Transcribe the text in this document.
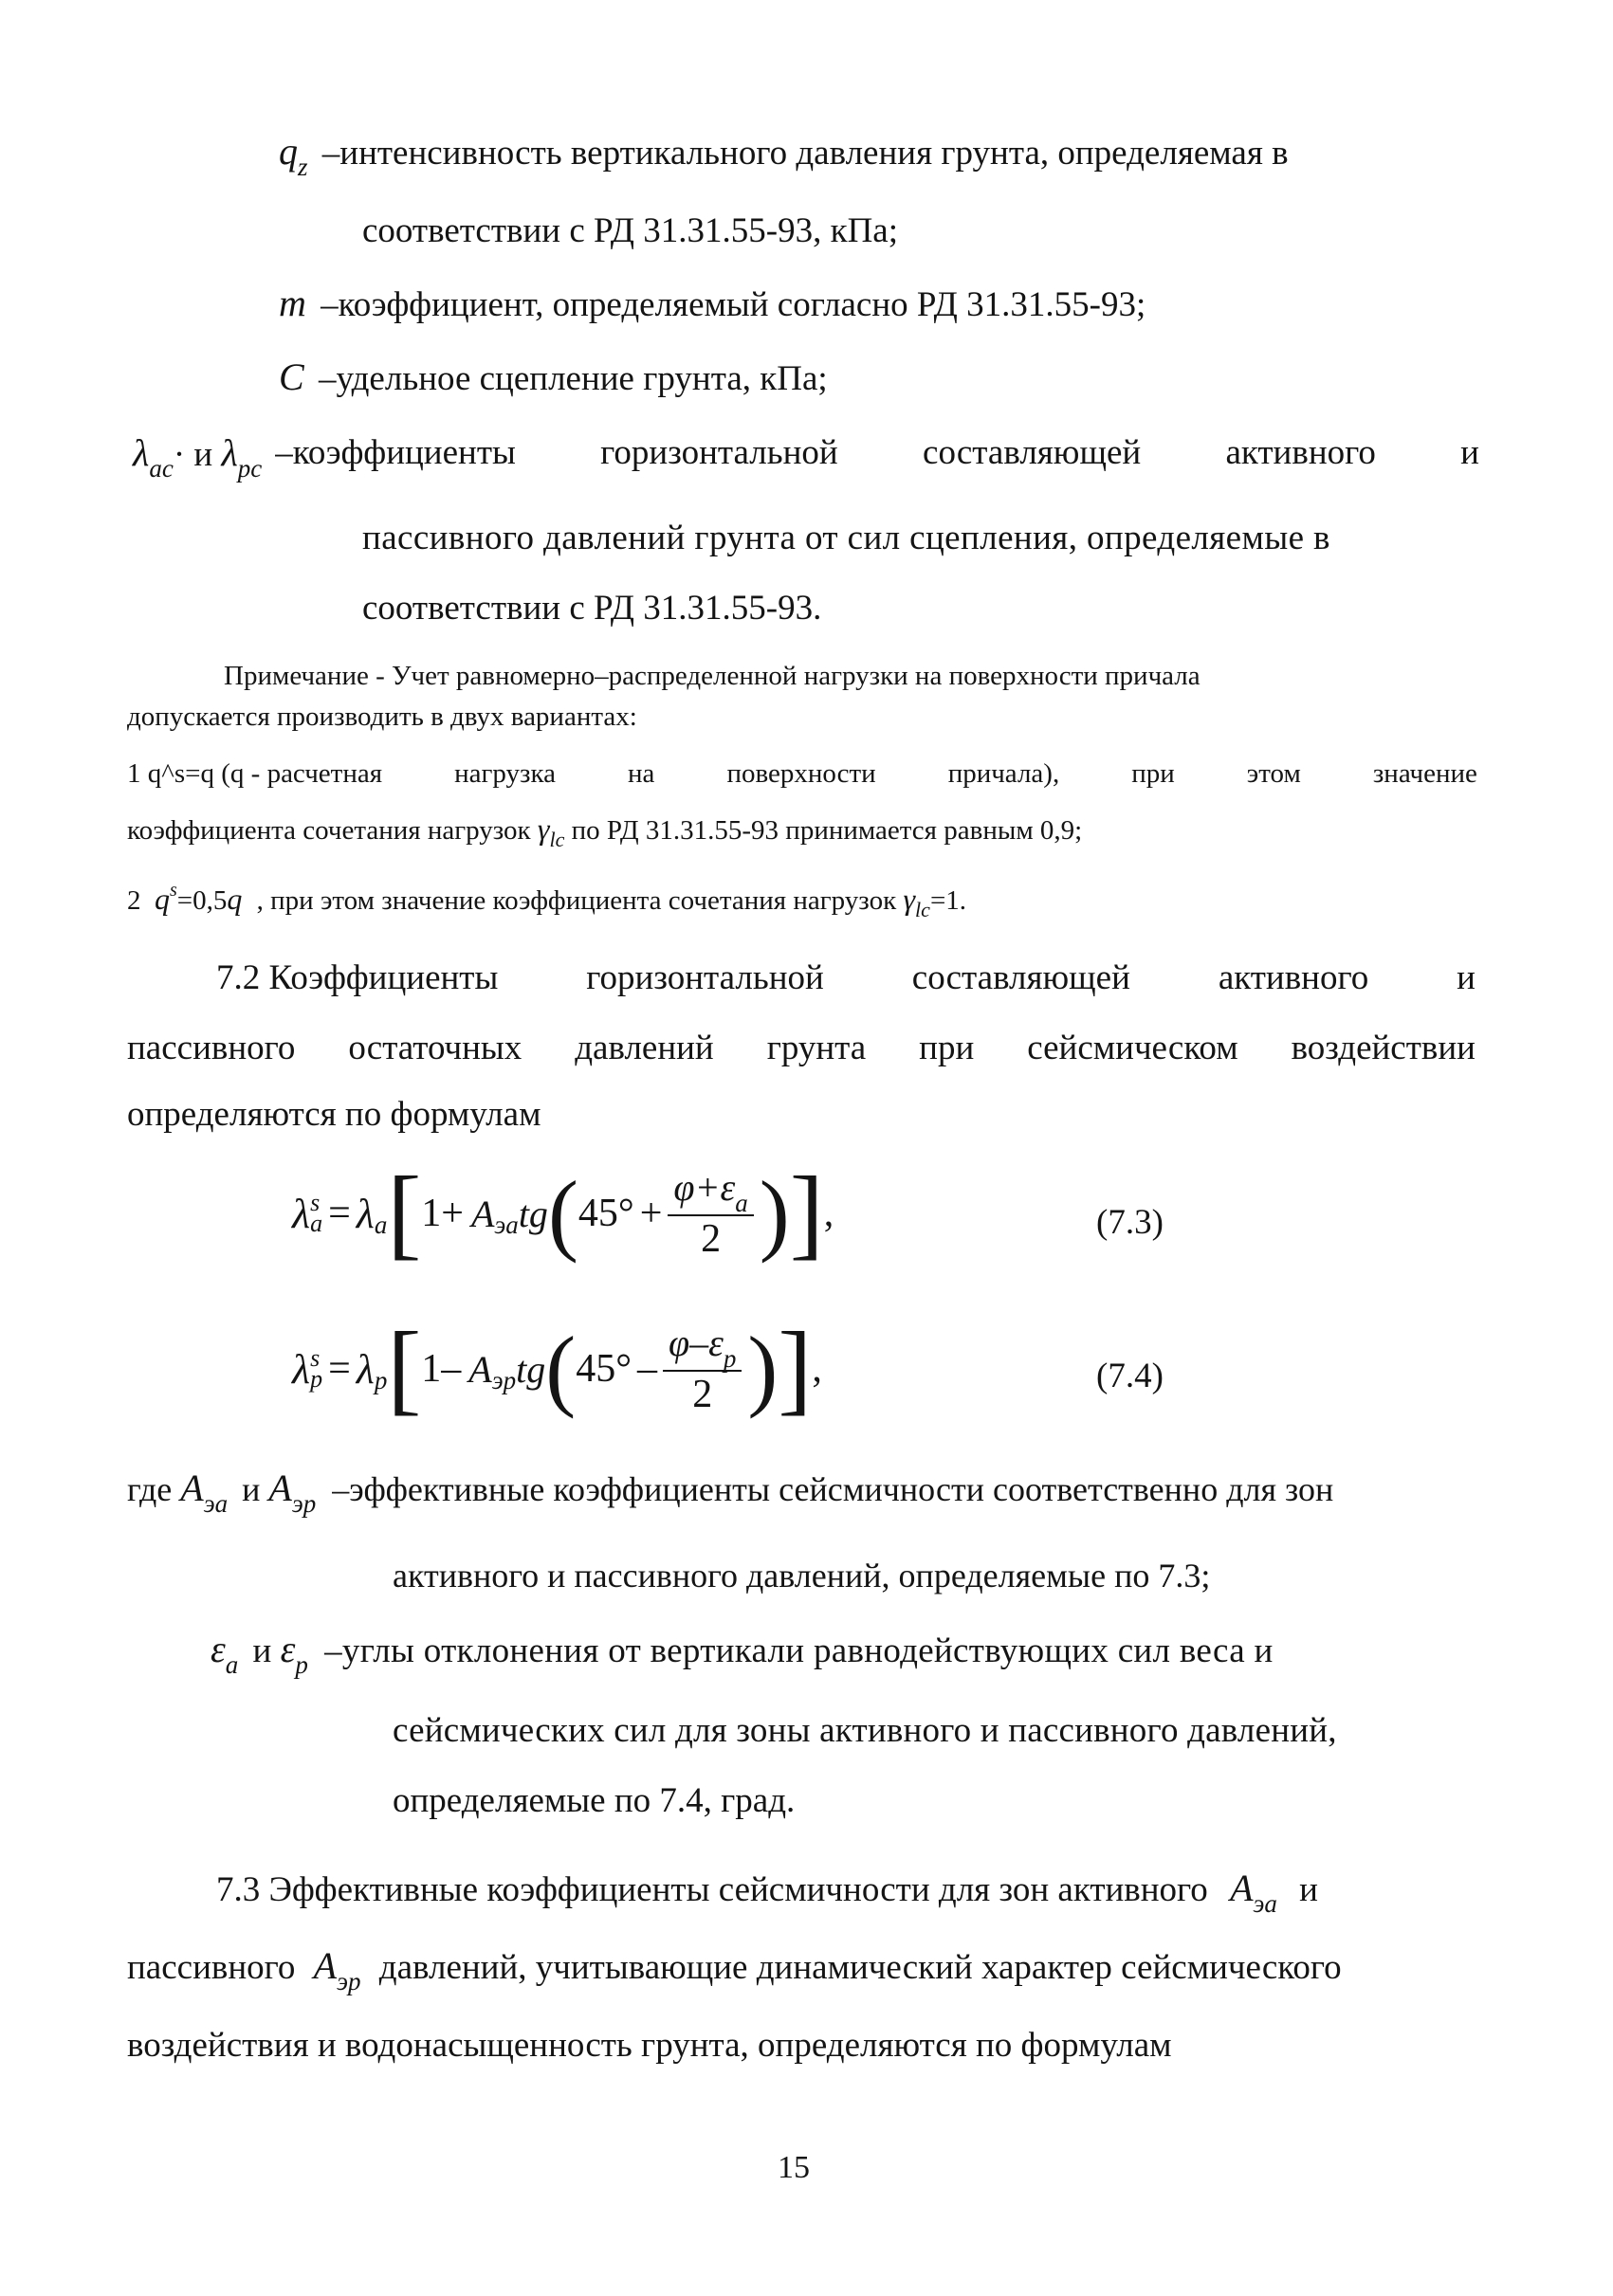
$q_z$ –интенсивность вертикального давления грунта, определяемая в
соответствии с РД 31.31.55-93, кПа;
m –коэффициент, определяемый согласно РД 31.31.55-93;
C –удельное сцепление грунта, кПа;
$\lambda_{ac}\cdot и$ $\lambda_{pc}$ –коэффициенты горизонтальной составляющей активного и
пассивного давлений грунта от сил сцепления, определяемые в
соответствии с РД 31.31.55-93.
Примечание - Учет равномерно–распределенной нагрузки на поверхности причала
допускается производить в двух вариантах:
1 q^s=q (q - расчетная	нагрузка	на	поверхности	причала),	при	этом	значение
коэффициента сочетания нагрузок $\gamma_{lc}$ по РД 31.31.55-93 принимается равным 0,9;
2 $q^s=0,5q$ , при этом значение коэффициента сочетания нагрузок $\gamma_{lc}=1$.
7.2 Коэффициенты	горизонтальной	составляющей	активного	и
пассивного остаточных давлений грунта при сейсмическом воздействии
определяются по формулам
λ s
a = λ a [ 1+ A эa tg ( $45^\circ + \frac{\varphi+\varepsilon_a}{2}$ ) ] ,	(7.3)
λ s
p = λ p [ 1– A эp tg ( $45^\circ - \frac{\varphi-\varepsilon_p}{2}$ ) ] ,	(7.4)
где $A_{эa}$ и $A_{эp}$ –эффективные коэффициенты сейсмичности соответственно для зон
активного и пассивного давлений, определяемые по 7.3;
$\varepsilon_a$ и $\varepsilon_p$ –углы отклонения от вертикали равнодействующих сил веса и
сейсмических сил для зоны активного и пассивного давлений,
определяемые по 7.4, град.
7.3 Эффективные коэффициенты сейсмичности для зон активного $A_{эa}$ и
пассивного $A_{эp}$ давлений, учитывающие динамический характер сейсмического
воздействия и водонасыщенность грунта, определяются по формулам
15
